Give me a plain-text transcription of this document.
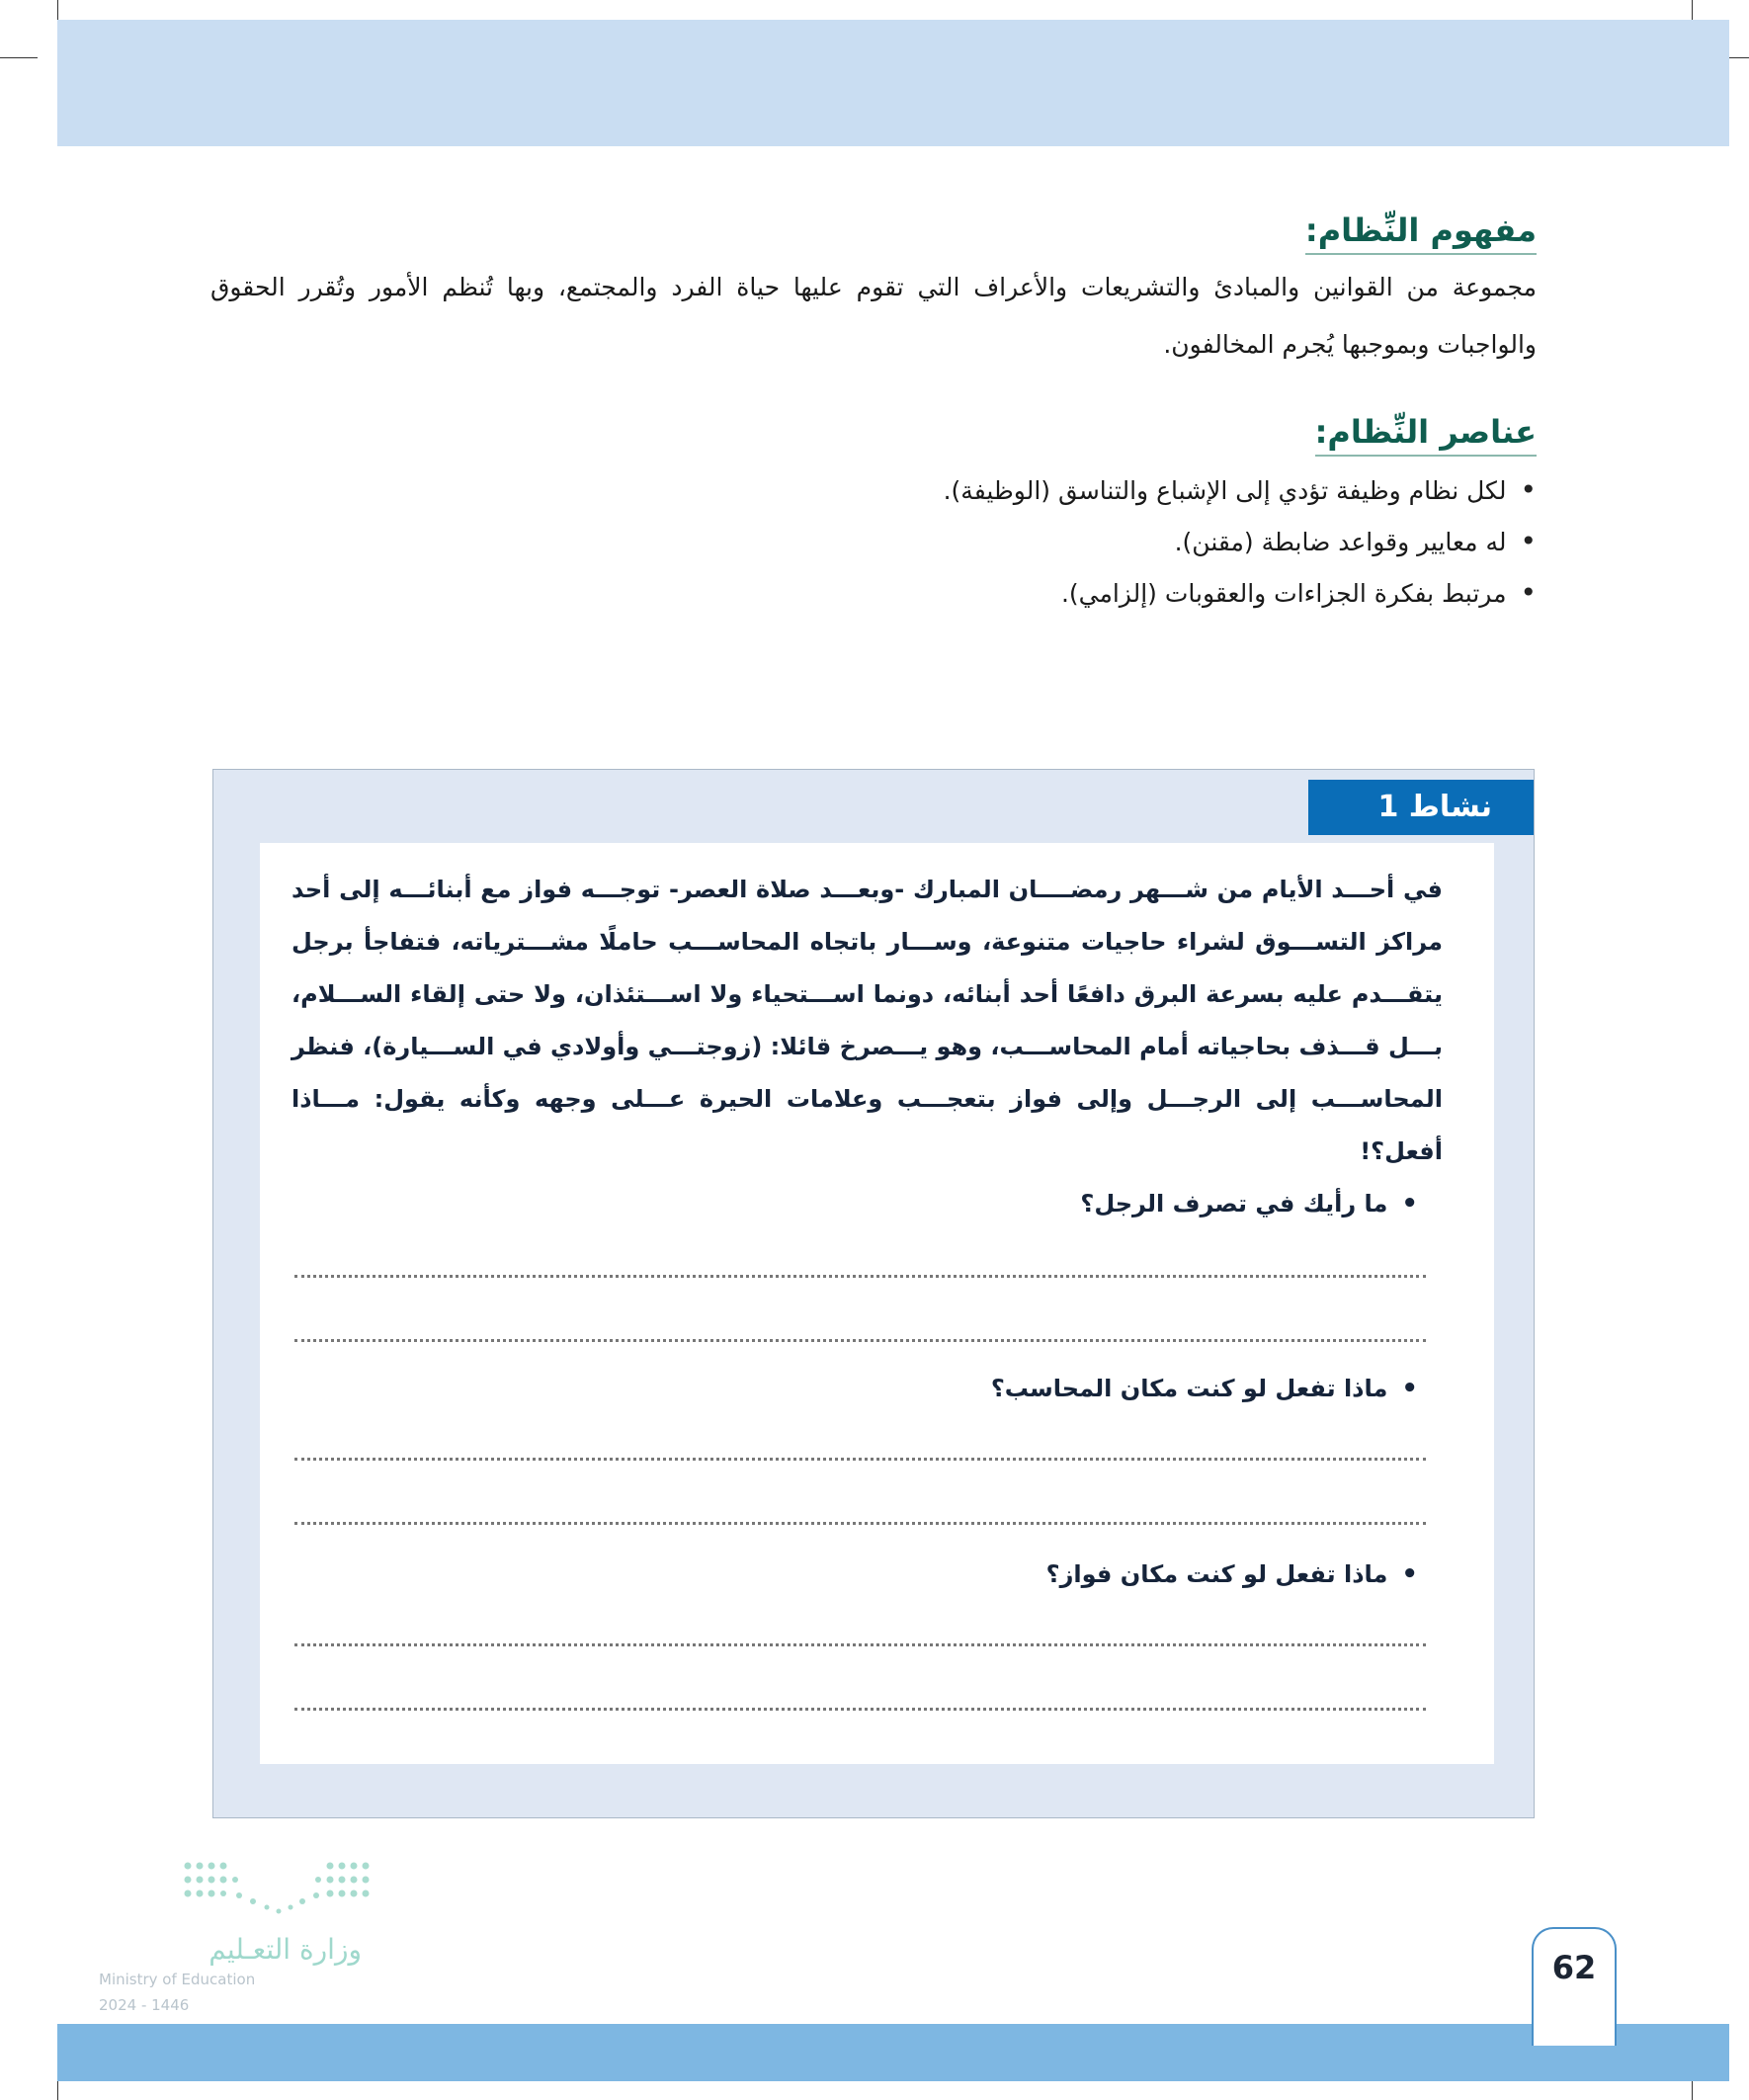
مفهوم النِّظام:
مجموعة من القوانين والمبادئ والتشريعات والأعراف التي تقوم عليها حياة الفرد والمجتمع، وبها تُنظم الأمور وتُقرر الحقوق والواجبات وبموجبها يُجرم المخالفون.
عناصر النِّظام:
• لكل نظام وظيفة تؤدي إلى الإشباع والتناسق (الوظيفة).
• له معايير وقواعد ضابطة (مقنن).
• مرتبط بفكرة الجزاءات والعقوبات (إلزامي).
نشاط 1
في أحـــد الأيام من شـــهر رمضــــان المبارك -وبعـــد صلاة العصر- توجـــه فواز مع أبنائـــه إلى أحد مراكز التســـوق لشراء حاجيات متنوعة، وســـار باتجاه المحاســـب حاملًا مشـــترياته، فتفاجأ برجل يتقـــدم عليه بسرعة البرق دافعًا أحد أبنائه، دونما اســـتحياء ولا اســـتئذان، ولا حتى إلقاء الســـلام، بـــل قـــذف بحاجياته أمام المحاســـب، وهو يـــصرخ قائلا: (زوجتـــي وأولادي في الســـيارة)، فنظر المحاســـب إلى الرجـــل وإلى فواز بتعجـــب وعلامات الحيرة عـــلى وجهه وكأنه يقول: مـــاذا أفعل؟!
• ما رأيك في تصرف الرجل؟
• ماذا تفعل لو كنت مكان المحاسب؟
• ماذا تفعل لو كنت مكان فواز؟
وزارة التعـليم
Ministry of Education
2024 - 1446
62
